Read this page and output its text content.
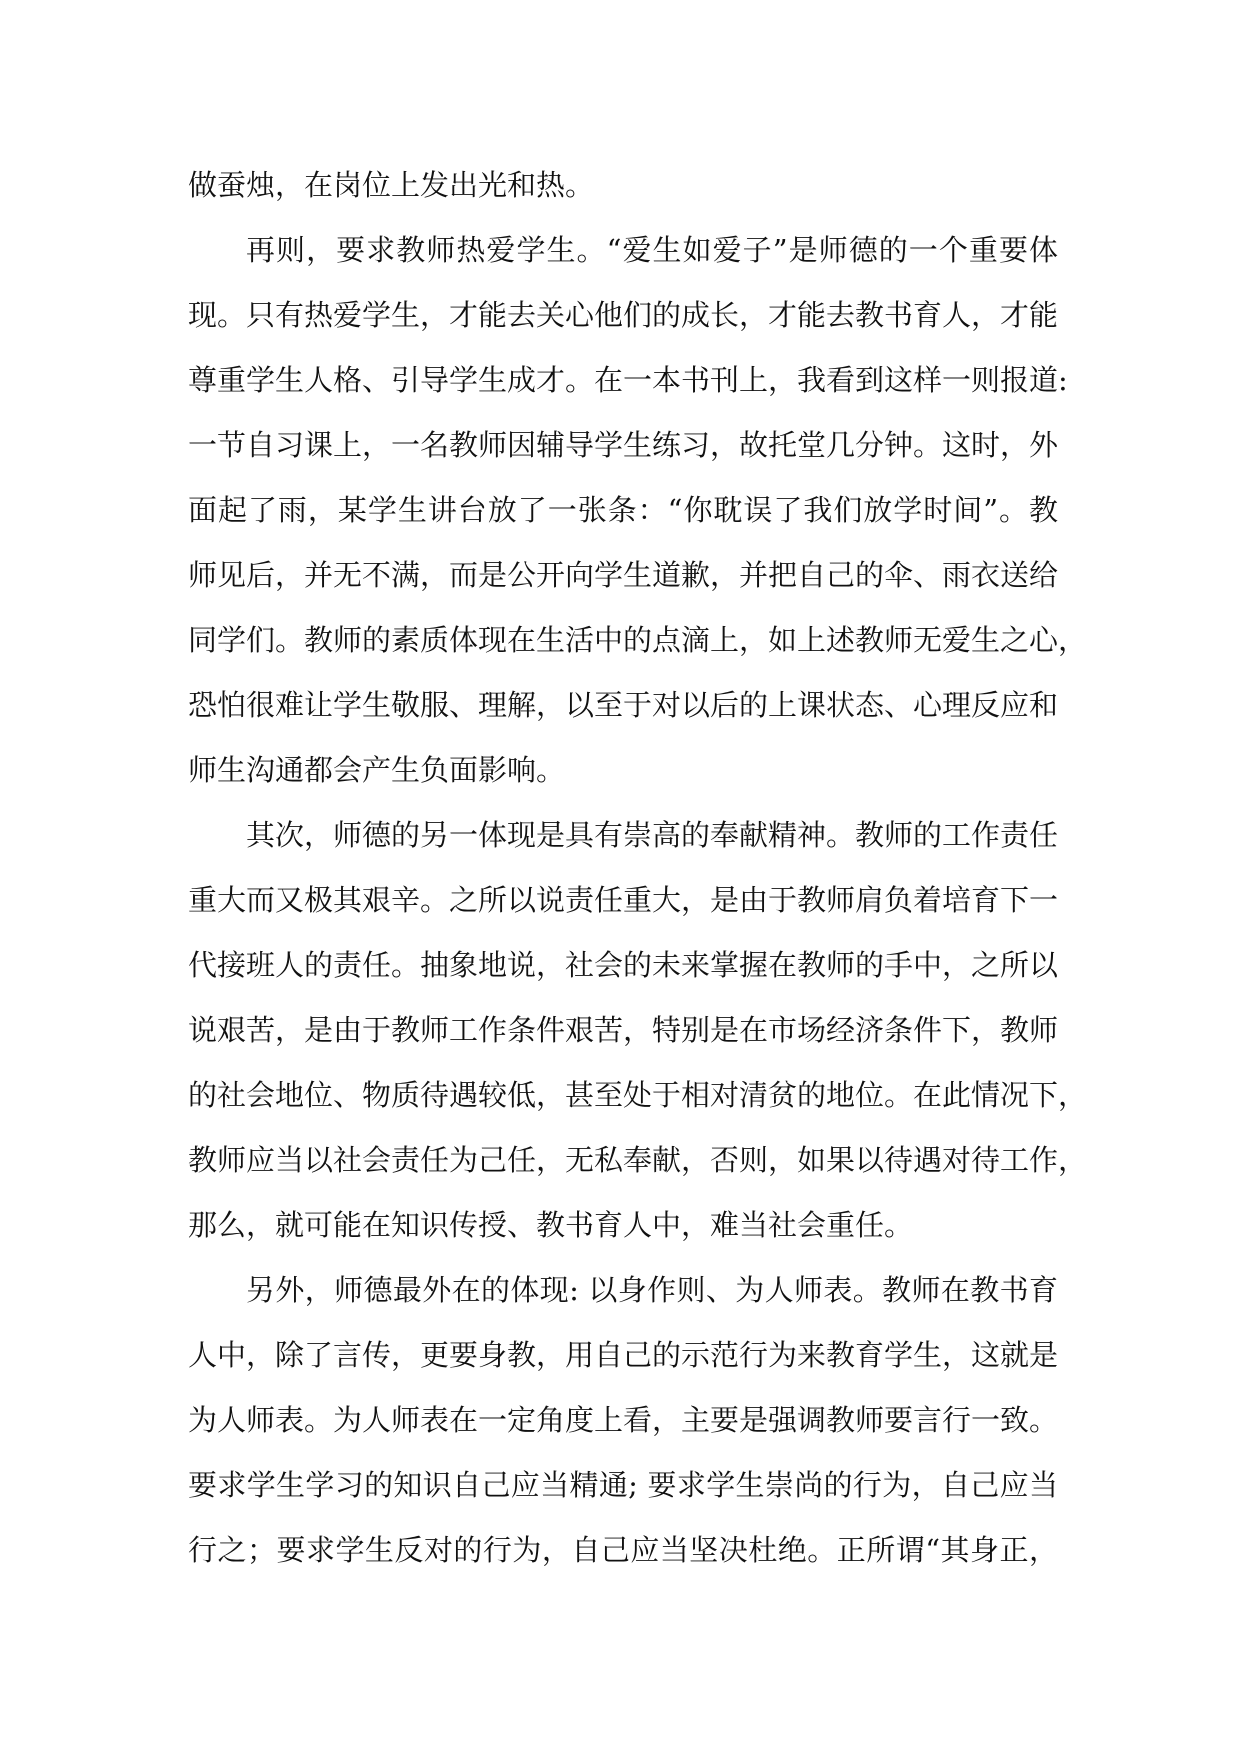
做蚕烛，在岗位上发出光和热。
再则，要求教师热爱学生。“爱生如爱子”是师德的一个重要体
现。只有热爱学生，才能去关心他们的成长，才能去教书育人，才能
尊重学生人格、引导学生成才。在一本书刊上，我看到这样一则报道:
一节自习课上，一名教师因辅导学生练习，故托堂几分钟。这时，外
面起了雨，某学生讲台放了一张条：“你耽误了我们放学时间”。教
师见后，并无不满，而是公开向学生道歉，并把自己的伞、雨衣送给
同学们。教师的素质体现在生活中的点滴上，如上述教师无爱生之心，
恐怕很难让学生敬服、理解，以至于对以后的上课状态、心理反应和
师生沟通都会产生负面影响。
其次，师德的另一体现是具有崇高的奉献精神。教师的工作责任
重大而又极其艰辛。之所以说责任重大，是由于教师肩负着培育下一
代接班人的责任。抽象地说，社会的未来掌握在教师的手中，之所以
说艰苦，是由于教师工作条件艰苦，特别是在市场经济条件下，教师
的社会地位、物质待遇较低，甚至处于相对清贫的地位。在此情况下，
教师应当以社会责任为己任，无私奉献，否则，如果以待遇对待工作，
那么，就可能在知识传授、教书育人中，难当社会重任。
另外，师德最外在的体现: 以身作则、为人师表。教师在教书育
人中，除了言传，更要身教，用自己的示范行为来教育学生，这就是
为人师表。为人师表在一定角度上看，主要是强调教师要言行一致。
要求学生学习的知识自己应当精通; 要求学生崇尚的行为，自己应当
行之；要求学生反对的行为，自己应当坚决杜绝。正所谓“其身正，
